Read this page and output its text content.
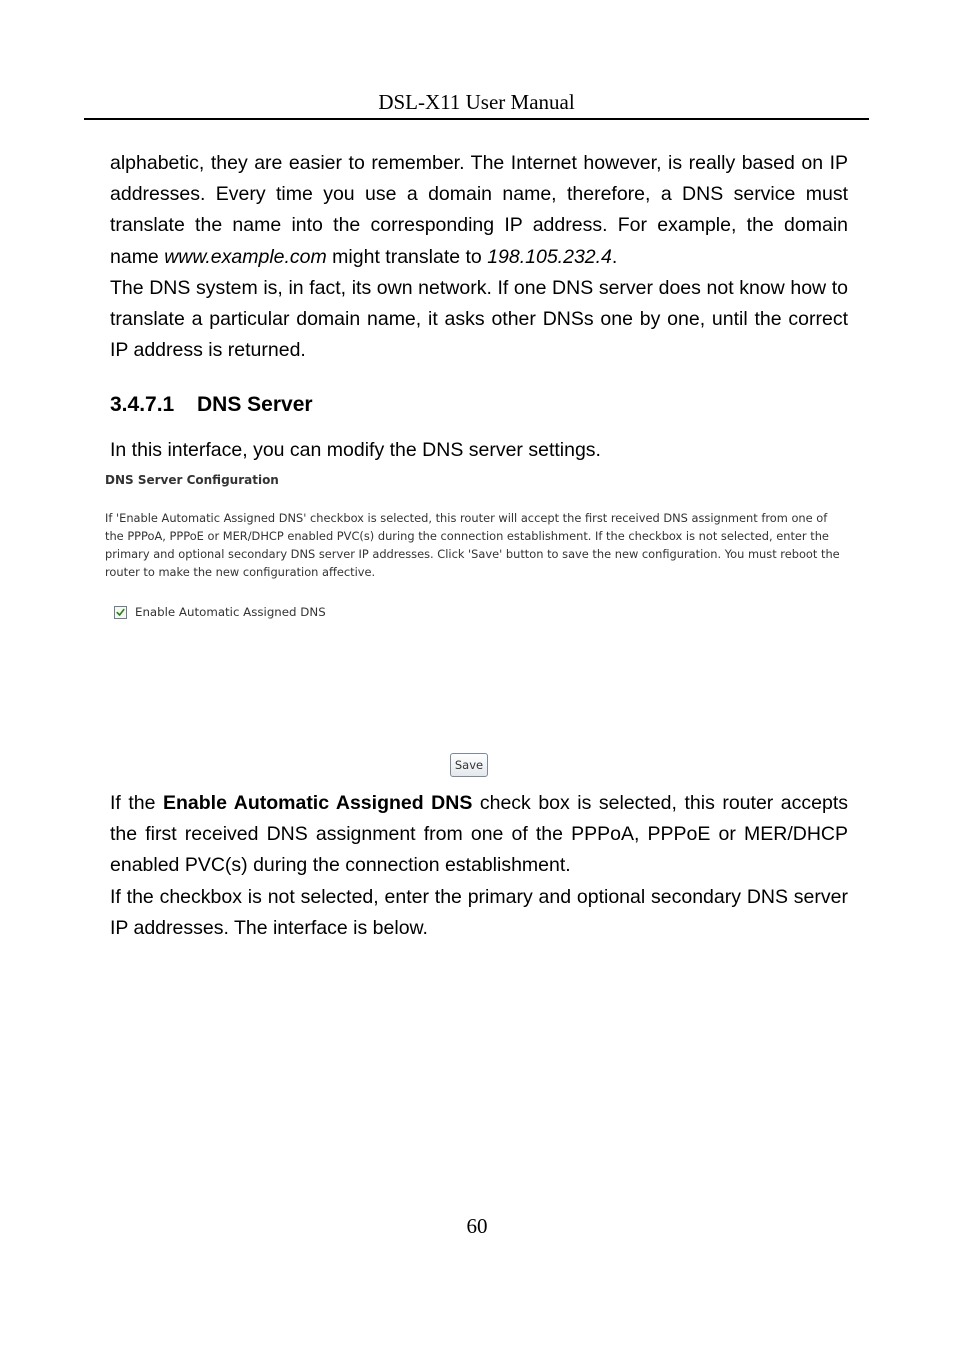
DSL-X11 User Manual

alphabetic, they are easier to remember. The Internet however, is really based on IP addresses. Every time you use a domain name, therefore, a DNS service must translate the name into the corresponding IP address. For example, the domain name www.example.com might translate to 198.105.232.4.

The DNS system is, in fact, its own network. If one DNS server does not know how to translate a particular domain name, it asks other DNSs one by one, until the correct IP address is returned.

3.4.7.1 DNS Server
In this interface, you can modify the DNS server settings.
DNS Server Configuration
If 'Enable Automatic Assigned DNS' checkbox is selected, this router will accept the first received DNS assignment from one of the PPPoA, PPPoE or MER/DHCP enabled PVC(s) during the connection establishment. If the checkbox is not selected, enter the primary and optional secondary DNS server IP addresses. Click 'Save' button to save the new configuration. You must reboot the router to make the new configuration affective.
Enable Automatic Assigned DNS
Save

If the Enable Automatic Assigned DNS check box is selected, this router accepts the first received DNS assignment from one of the PPPoA, PPPoE or MER/DHCP enabled PVC(s) during the connection establishment.

If the checkbox is not selected, enter the primary and optional secondary DNS server IP addresses. The interface is below.

60
